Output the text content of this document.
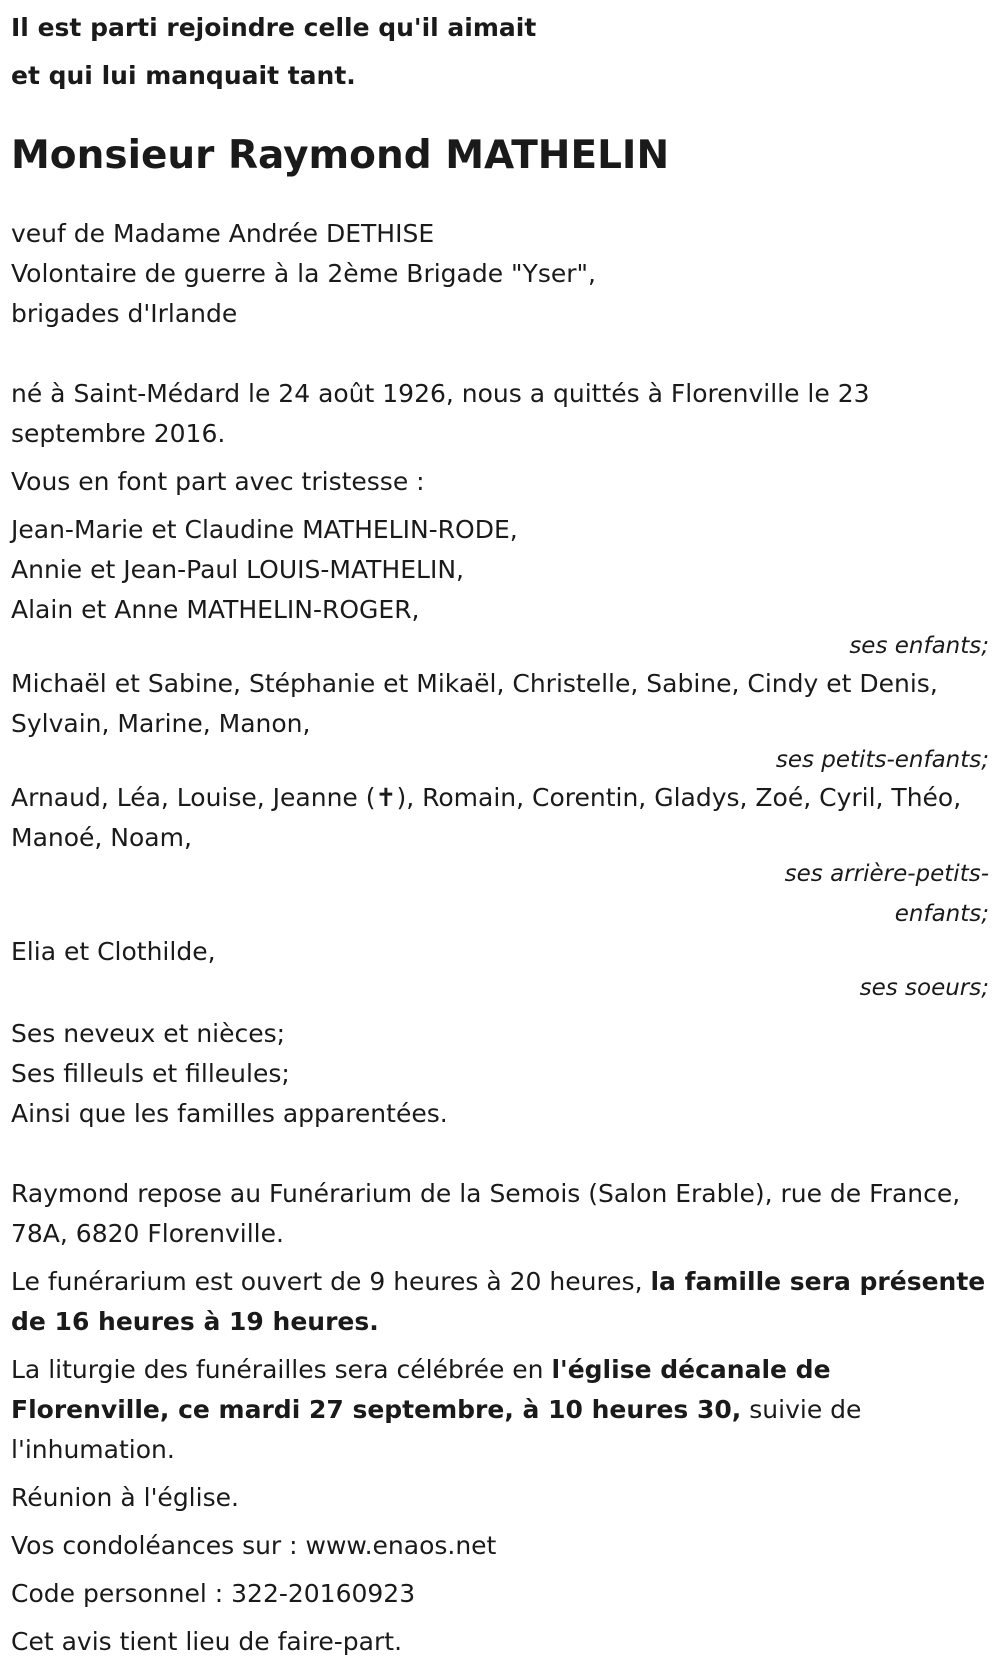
Il est parti rejoindre celle qu'il aimait
et qui lui manquait tant.
Monsieur Raymond MATHELIN
veuf de Madame Andrée DETHISE
Volontaire de guerre à la 2ème Brigade "Yser",
brigades d'Irlande

né à Saint-Médard le 24 août 1926, nous a quittés à Florenville le 23 septembre 2016.

Vous en font part avec tristesse :

Jean-Marie et Claudine MATHELIN-RODE,
Annie et Jean-Paul LOUIS-MATHELIN,
Alain et Anne MATHELIN-ROGER,
ses enfants;
Michaël et Sabine, Stéphanie et Mikaël, Christelle, Sabine, Cindy et Denis, Sylvain, Marine, Manon,
ses petits-enfants;
Arnaud, Léa, Louise, Jeanne (✝), Romain, Corentin, Gladys, Zoé, Cyril, Théo, Manoé, Noam,
ses arrière-petits-enfants;
Elia et Clothilde,
ses soeurs;
Ses neveux et nièces;
Ses filleuls et filleules;
Ainsi que les familles apparentées.

Raymond repose au Funérarium de la Semois (Salon Erable), rue de France, 78A, 6820 Florenville.

Le funérarium est ouvert de 9 heures à 20 heures, la famille sera présente de 16 heures à 19 heures.

La liturgie des funérailles sera célébrée en l'église décanale de Florenville, ce mardi 27 septembre, à 10 heures 30, suivie de l'inhumation.

Réunion à l'église.

Vos condoléances sur : www.enaos.net

Code personnel : 322-20160923

Cet avis tient lieu de faire-part.
